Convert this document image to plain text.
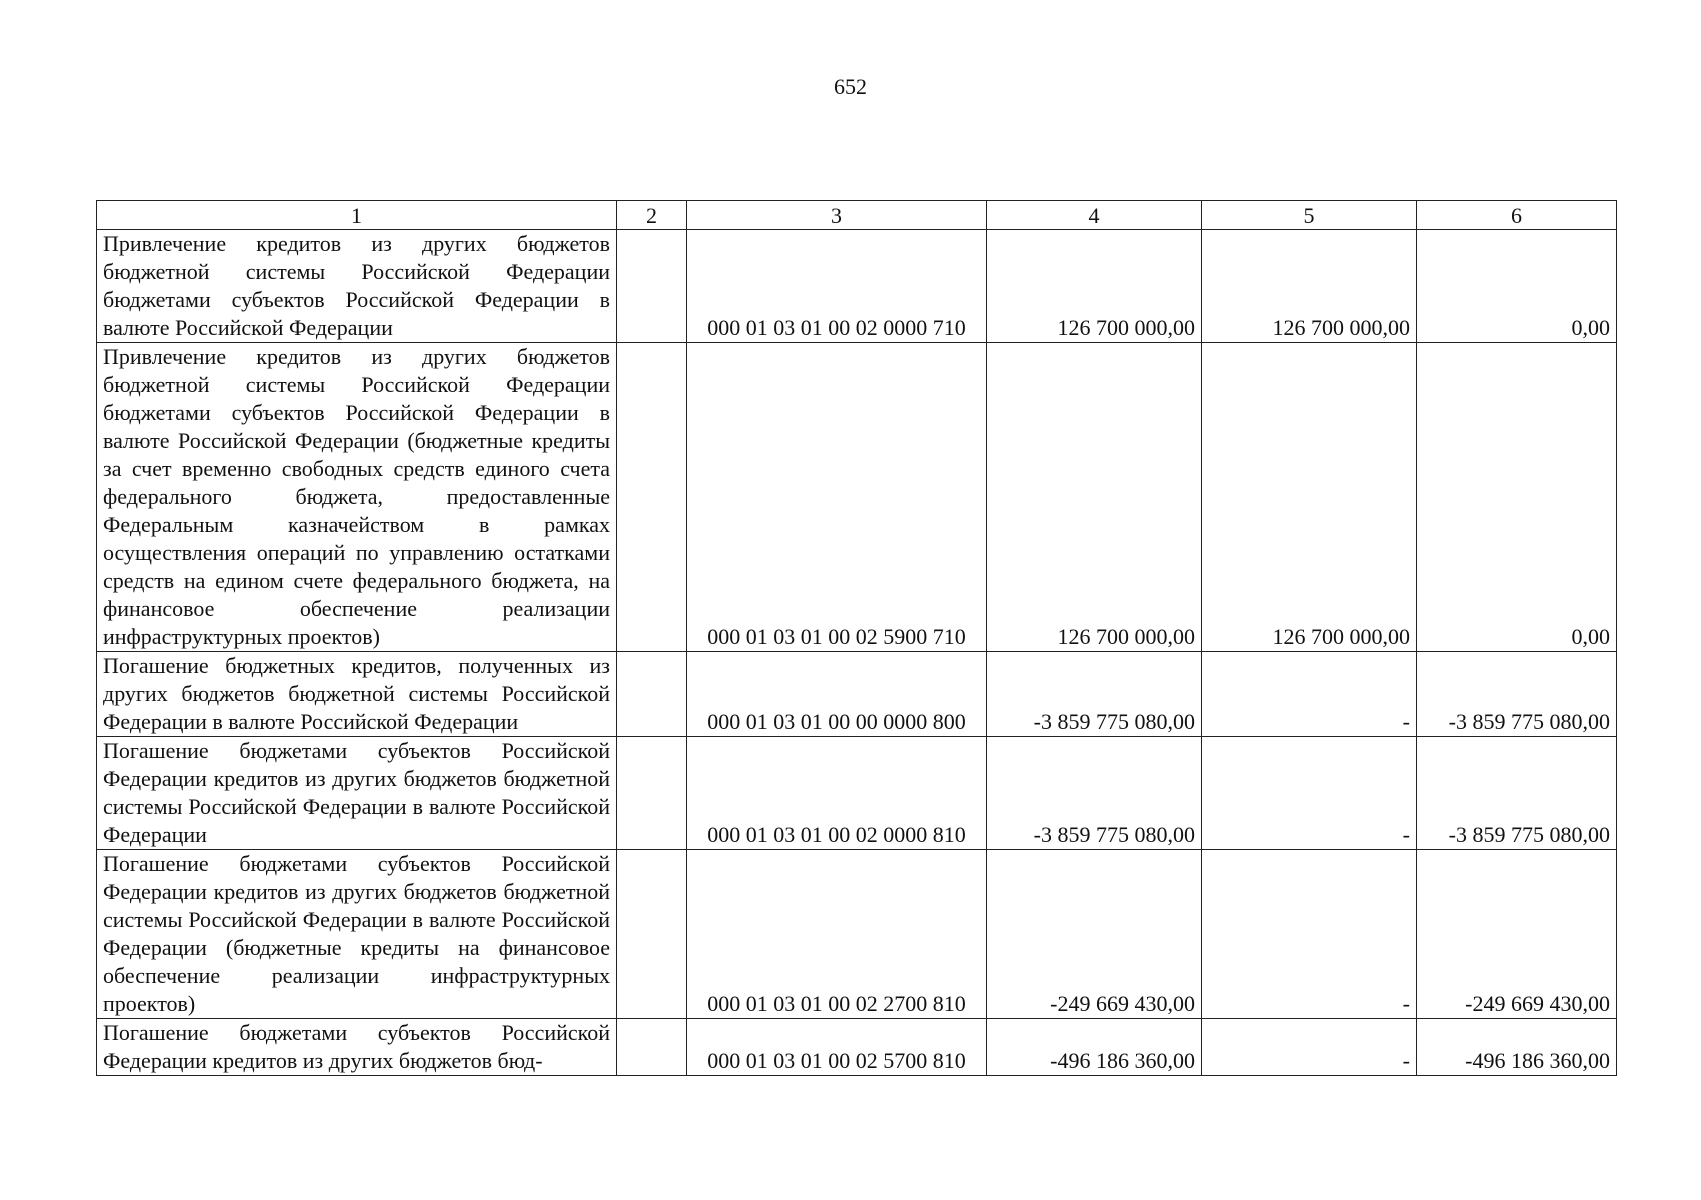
652
1	2	3	4	5	6
Привлечение кредитов из других бюджетов бюджетной системы Российской Федерации бюджетами субъектов Российской Федерации в валюте Российской Федерации		000 01 03 01 00 02 0000 710	126 700 000,00	126 700 000,00	0,00
Привлечение кредитов из других бюджетов бюджетной системы Российской Федерации бюджетами субъектов Российской Федерации в валюте Российской Федерации (бюджетные кредиты за счет временно свободных средств единого счета федерального бюджета, предоставленные Федеральным казначейством в рамках осуществления операций по управлению остатками средств на едином счете федерального бюджета, на финансовое обеспечение реализации инфраструктурных проектов)		000 01 03 01 00 02 5900 710	126 700 000,00	126 700 000,00	0,00
Погашение бюджетных кредитов, полученных из других бюджетов бюджетной системы Российской Федерации в валюте Российской Федерации		000 01 03 01 00 00 0000 800	-3 859 775 080,00	-	-3 859 775 080,00
Погашение бюджетами субъектов Российской Федерации кредитов из других бюджетов бюджетной системы Российской Федерации в валюте Российской Федерации		000 01 03 01 00 02 0000 810	-3 859 775 080,00	-	-3 859 775 080,00
Погашение бюджетами субъектов Российской Федерации кредитов из других бюджетов бюджетной системы Российской Федерации в валюте Российской Федерации (бюджетные кредиты на финансовое обеспечение реализации инфраструктурных проектов)		000 01 03 01 00 02 2700 810	-249 669 430,00	-	-249 669 430,00

Погашение бюджетами субъектов Российской Федерации кредитов из других бюджетов бюд-		000 01 03 01 00 02 5700 810	-496 186 360,00	-	-496 186 360,00
